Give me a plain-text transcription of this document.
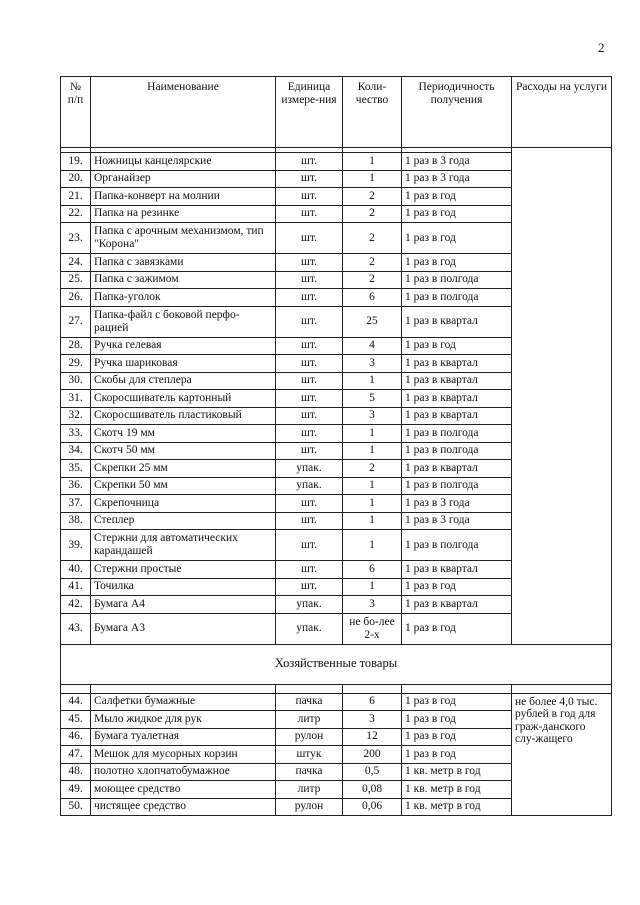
2
№ п/п	Наименование	Единица измере-ния	Коли-чество	Периодичность получения	Расходы на услуги

19.	Ножницы канцелярские	шт.	1	1 раз в 3 года	
20.	Органайзер	шт.	1	1 раз в 3 года	
21.	Папка-конверт на молнии	шт.	2	1 раз в год	
22.	Папка на резинке	шт.	2	1 раз в год	
23.	Папка с арочным механизмом, тип "Корона"	шт.	2	1 раз в год	
24.	Папка с завязками	шт.	2	1 раз в год	
25.	Папка с зажимом	шт.	2	1 раз в полгода	
26.	Папка-уголок	шт.	6	1 раз в полгода	
27.	Папка-файл с боковой перфо-рацией	шт.	25	1 раз в квартал	
28.	Ручка гелевая	шт.	4	1 раз в год	
29.	Ручка шариковая	шт.	3	1 раз в квартал	
30.	Скобы для степлера	шт.	1	1 раз в квартал	
31.	Скоросшиватель картонный	шт.	5	1 раз в квартал	
32.	Скоросшиватель пластиковый	шт.	3	1 раз в квартал	
33.	Скотч 19 мм	шт.	1	1 раз в полгода	
34.	Скотч 50 мм	шт.	1	1 раз в полгода	
35.	Скрепки 25 мм	упак.	2	1 раз в квартал	
36.	Скрепки 50 мм	упак.	1	1 раз в полгода	
37.	Скрепочница	шт.	1	1 раз в 3 года	
38.	Степлер	шт.	1	1 раз в 3 года	
39.	Стержни для автоматических карандашей	шт.	1	1 раз в полгода	
40.	Стержни простые	шт.	6	1 раз в квартал	
41.	Точилка	шт.	1	1 раз в год	
42.	Бумага А4	упак.	3	1 раз в квартал	
43.	Бумага А3	упак.	не бо-лее 2-х	1 раз в год	
Хозяйственные товары					

44.	Салфетки бумажные	пачка	6	1 раз в год	не более 4,0 тыс. рублей в год для граж-данского слу-жащего
45.	Мыло жидкое для рук	литр	3	1 раз в год	
46.	Бумага туалетная	рулон	12	1 раз в год	
47.	Мешок для мусорных корзин	штук	200	1 раз в год	
48.	полотно хлопчатобумажное	пачка	0,5	1 кв. метр в год	
49.	моющее средство	литр	0,08	1 кв. метр в год	
50.	чистящее средство	рулон	0,06	1 кв. метр в год	
